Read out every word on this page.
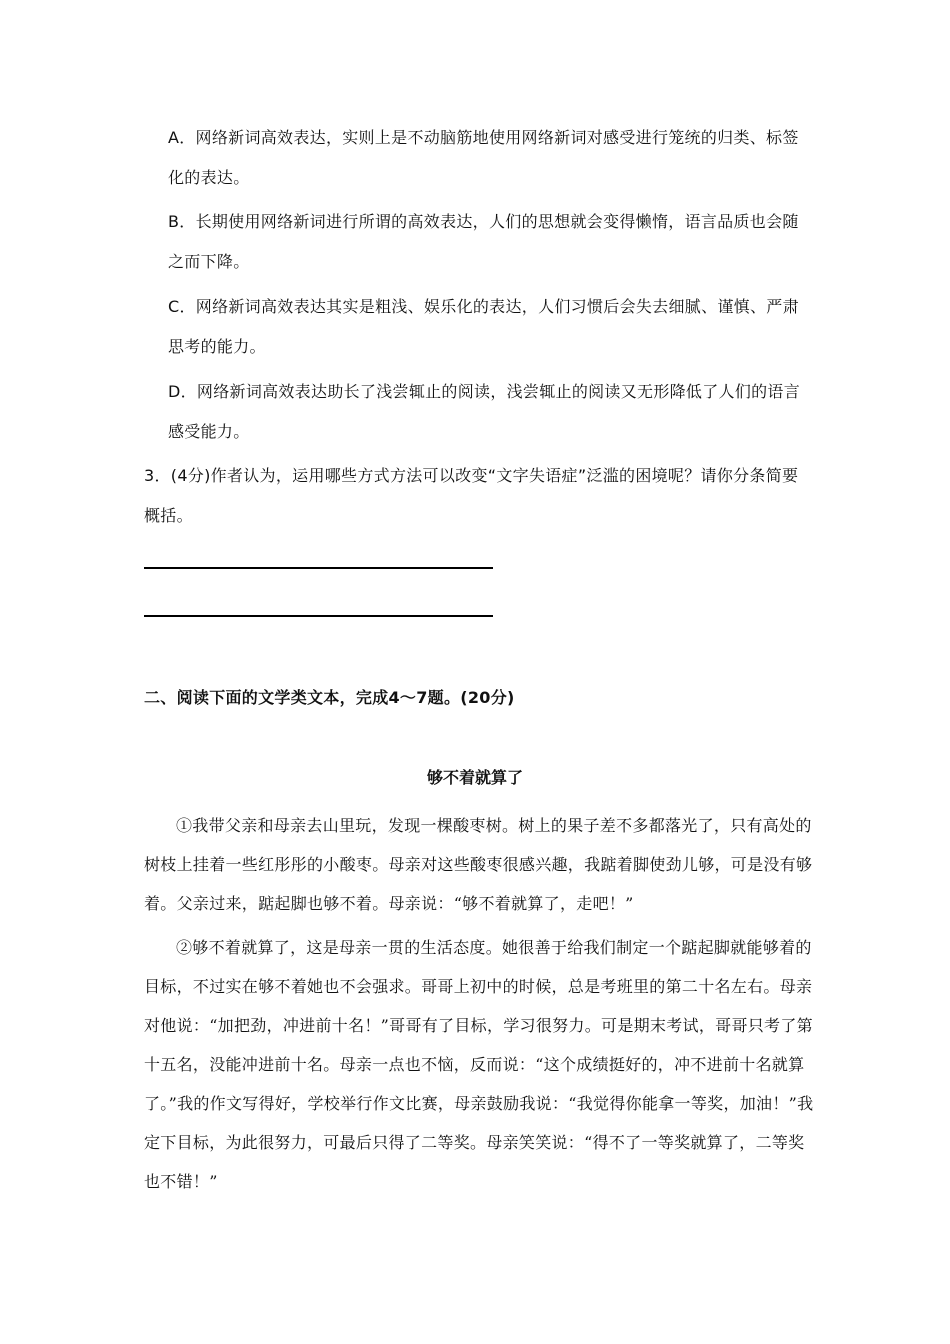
A．网络新词高效表达，实则上是不动脑筋地使用网络新词对感受进行笼统的归类、标签化的表达。
B．长期使用网络新词进行所谓的高效表达，人们的思想就会变得懒惰，语言品质也会随之而下降。
C．网络新词高效表达其实是粗浅、娱乐化的表达，人们习惯后会失去细腻、谨慎、严肃思考的能力。
D．网络新词高效表达助长了浅尝辄止的阅读，浅尝辄止的阅读又无形降低了人们的语言感受能力。
3．(4分)作者认为，运用哪些方式方法可以改变“文字失语症”泛滥的困境呢？请你分条简要概括。
二、阅读下面的文学类文本，完成4～7题。(20分)
够不着就算了

①我带父亲和母亲去山里玩，发现一棵酸枣树。树上的果子差不多都落光了，只有高处的树枝上挂着一些红彤彤的小酸枣。母亲对这些酸枣很感兴趣，我踮着脚使劲儿够，可是没有够着。父亲过来，踮起脚也够不着。母亲说：“够不着就算了，走吧！”

②够不着就算了，这是母亲一贯的生活态度。她很善于给我们制定一个踮起脚就能够着的目标，不过实在够不着她也不会强求。哥哥上初中的时候，总是考班里的第二十名左右。母亲对他说：“加把劲，冲进前十名！”哥哥有了目标，学习很努力。可是期末考试，哥哥只考了第十五名，没能冲进前十名。母亲一点也不恼，反而说：“这个成绩挺好的，冲不进前十名就算了。”我的作文写得好，学校举行作文比赛，母亲鼓励我说：“我觉得你能拿一等奖，加油！”我定下目标，为此很努力，可最后只得了二等奖。母亲笑笑说：“得不了一等奖就算了，二等奖也不错！”
